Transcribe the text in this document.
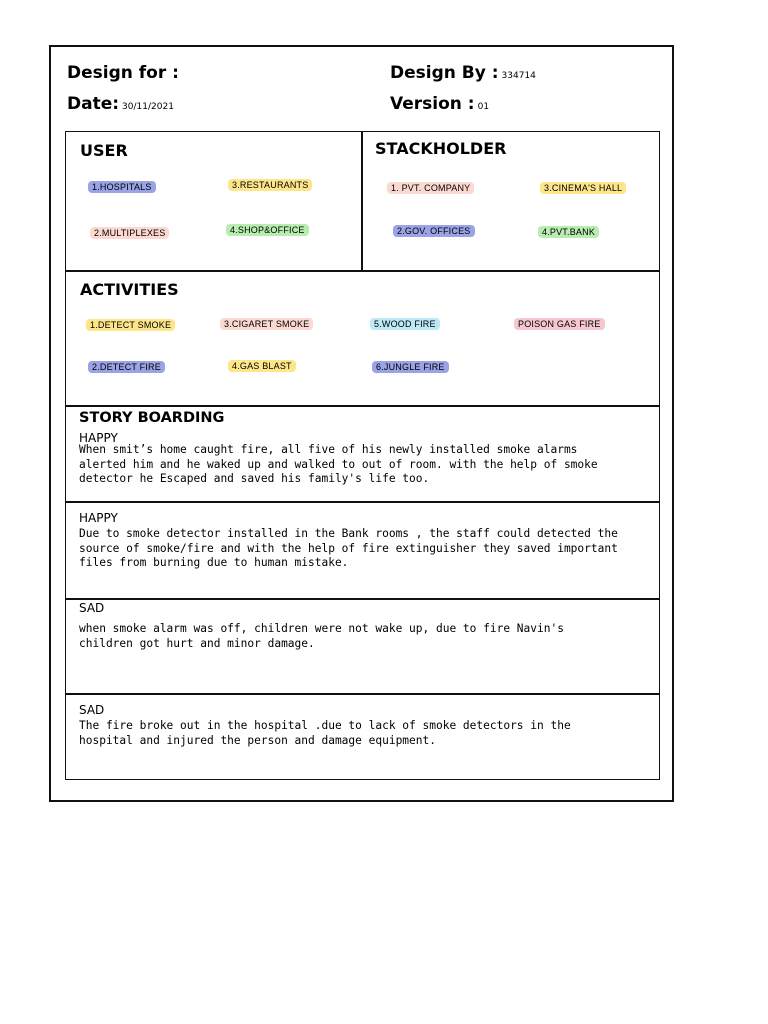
Design for :	Design By : 334714
Date: 30/11/2021	Version : 01
USER
1.HOSPITALS	3.RESTAURANTS
2.MULTIPLEXES	4.SHOP&OFFICE
STACKHOLDER
1. PVT. COMPANY	3.CINEMA'S HALL
2.GOV. OFFICES	4.PVT.BANK
ACTIVITIES
1.DETECT SMOKE	3.CIGARET SMOKE	5.WOOD FIRE	POISON GAS FIRE
2.DETECT FIRE	4.GAS BLAST	6.JUNGLE FIRE
STORY BOARDING
HAPPY
When smit’s home caught fire, all five of his newly installed smoke alarms
alerted him and he waked up and walked to out of room. with the help of smoke
detector he Escaped and saved his family's life too.
HAPPY
Due to smoke detector installed in the Bank rooms , the staff could detected the
source of smoke/fire and with the help of fire extinguisher they saved important
files from burning due to human mistake.
SAD
when smoke alarm was off, children were not wake up, due to fire Navin's
children got hurt and minor damage.
SAD
The fire broke out in the hospital .due to lack of smoke detectors in the
hospital and injured the person and damage equipment.
